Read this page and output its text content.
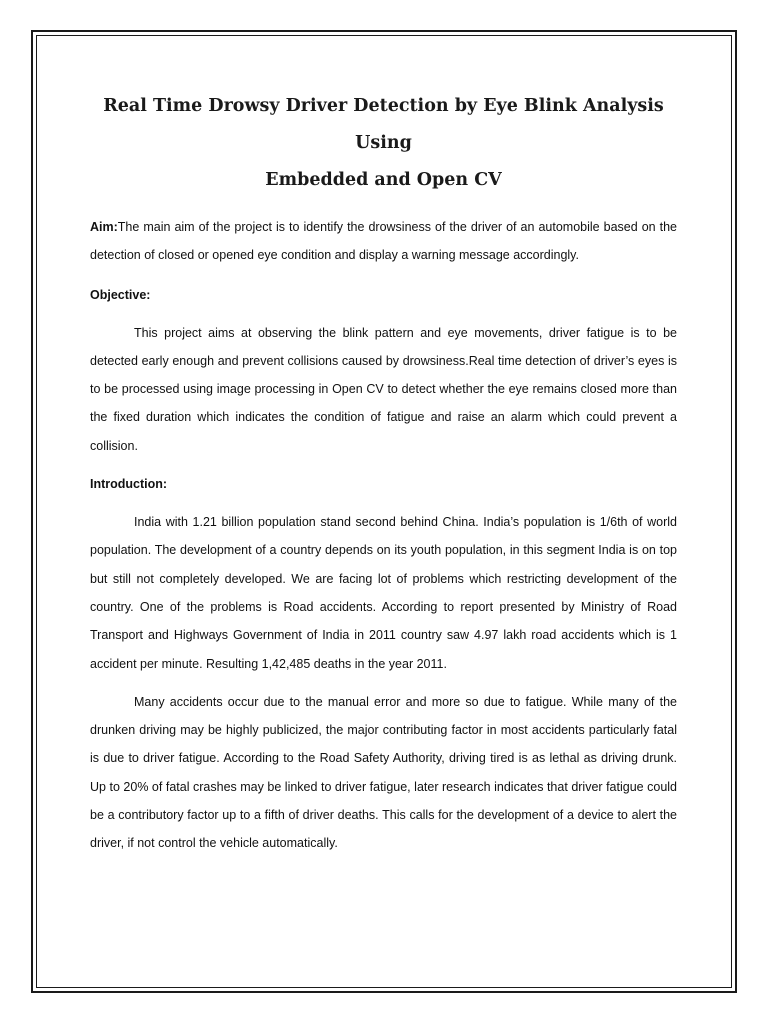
Real Time Drowsy Driver Detection by Eye Blink Analysis Using
Embedded and Open CV

Aim:The main aim of the project is to identify the drowsiness of the driver of an automobile based on the detection of closed or opened eye condition and display a warning message accordingly.

Objective:

This project aims at observing the blink pattern and eye movements, driver fatigue is to be detected early enough and prevent collisions caused by drowsiness.Real time detection of driver’s eyes is to be processed using image processing in Open CV to detect whether the eye remains closed more than the fixed duration which indicates the condition of fatigue and raise an alarm which could prevent a collision.

Introduction:

India with 1.21 billion population stand second behind China. India’s population is 1/6th of world population. The development of a country depends on its youth population, in this segment India is on top but still not completely developed. We are facing lot of problems which restricting development of the country. One of the problems is Road accidents. According to report presented by Ministry of Road Transport and Highways Government of India in 2011 country saw 4.97 lakh road accidents which is 1 accident per minute. Resulting 1,42,485 deaths in the year 2011.

Many accidents occur due to the manual error and more so due to fatigue. While many of the drunken driving may be highly publicized, the major contributing factor in most accidents particularly fatal is due to driver fatigue. According to the Road Safety Authority, driving tired is as lethal as driving drunk. Up to 20% of fatal crashes may be linked to driver fatigue, later research indicates that driver fatigue could be a contributory factor up to a fifth of driver deaths. This calls for the development of a device to alert the driver, if not control the vehicle automatically.
